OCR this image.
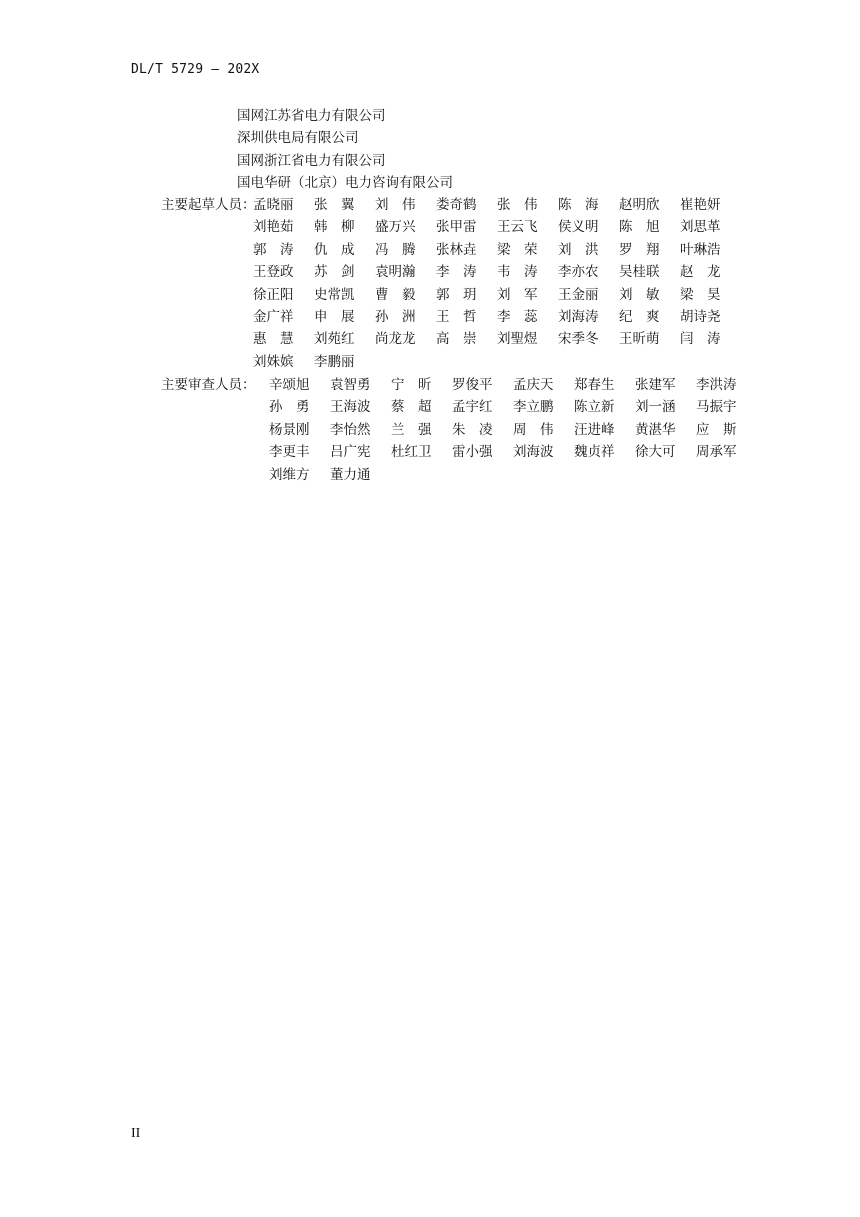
DL/T 5729 — 202X
国网江苏省电力有限公司
深圳供电局有限公司
国网浙江省电力有限公司
国电华研（北京）电力咨询有限公司
主要起草人员：
孟晓丽 张　翼 刘　伟 娄奇鹤 张　伟 陈　海 赵明欣 崔艳妍
刘艳茹 韩　柳 盛万兴 张甲雷 王云飞 侯义明 陈　旭 刘思革
郭　涛 仇　成 冯　腾 张林垚 梁　荣 刘　洪 罗　翔 叶琳浩
王登政 苏　剑 袁明瀚 李　涛 韦　涛 李亦农 吴桂联 赵　龙
徐正阳 史常凯 曹　毅 郭　玥 刘　军 王金丽 刘　敏 梁　昊
金广祥 申　展 孙　洲 王　哲 李　蕊 刘海涛 纪　爽 胡诗尧
惠　慧 刘苑红 尚龙龙 高　崇 刘聖煜 宋季冬 王昕萌 闫　涛
刘姝嫔 李鹏丽
主要审查人员： 辛颂旭 袁智勇 宁　昕 罗俊平 孟庆天 郑春生 张建军 李洪涛
孙　勇 王海波 蔡　超 孟宇红 李立鹏 陈立新 刘一涵 马振宇
杨景刚 李怡然 兰　强 朱　凌 周　伟 汪进峰 黄湛华 应　斯
李更丰 吕广宪 杜红卫 雷小强 刘海波 魏贞祥 徐大可 周承军
刘维方 董力通
II
